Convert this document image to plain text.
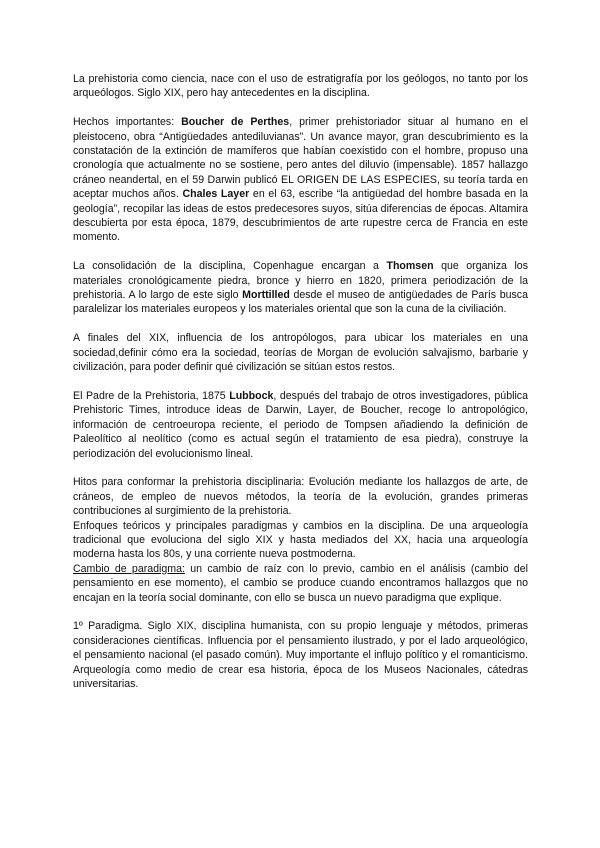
La prehistoria como ciencia, nace con el uso de estratigrafía por los geólogos, no tanto por los arqueólogos. Siglo XIX, pero hay antecedentes en la disciplina.

Hechos importantes: Boucher de Perthes, primer prehistoriador situar al humano en el pleistoceno, obra “Antigüedades antediluvianas”. Un avance mayor, gran descubrimiento es la constatación de la extinción de mamíferos que habían coexistido con el hombre, propuso una cronología que actualmente no se sostiene, pero antes del diluvio (impensable). 1857 hallazgo cráneo neandertal, en el 59 Darwin publicó EL ORIGEN DE LAS ESPECIES, su teoría tarda en aceptar muchos años. Chales Layer en el 63, escribe “la antigüedad del hombre basada en la geología”, recopilar las ideas de estos predecesores suyos, sitúa diferencias de épocas. Altamira descubierta por esta época, 1879, descubrimientos de arte rupestre cerca de Francia en este momento.

La consolidación de la disciplina, Copenhague encargan a Thomsen que organiza los materiales cronológicamente piedra, bronce y hierro en 1820, primera periodización de la prehistoria. A lo largo de este siglo Morttilled desde el museo de antigüedades de París busca paralelizar los materiales europeos y los materiales oriental que son la cuna de la civiliación.

A finales del XIX, influencia de los antropólogos, para ubicar los materiales en una sociedad,definir cómo era la sociedad, teorías de Morgan de evolución salvajismo, barbarie y civilización, para poder definir qué civilización se sitúan estos restos.

El Padre de la Prehistoria, 1875 Lubbock, después del trabajo de otros investigadores, pública Prehistoric Times, introduce ideas de Darwin, Layer, de Boucher, recoge lo antropológico, información de centroeuropa reciente, el periodo de Tompsen añadiendo la definición de Paleolítico al neolítico (como es actual según el tratamiento de esa piedra), construye la periodización del evolucionismo lineal.

Hitos para conformar la prehistoria disciplinaria: Evolución mediante los hallazgos de arte, de cráneos, de empleo de nuevos métodos, la teoría de la evolución, grandes primeras contribuciones al surgimiento de la prehistoria.

Enfoques teóricos y principales paradigmas y cambios en la disciplina. De una arqueología tradicional que evoluciona del siglo XIX y hasta mediados del XX, hacia una arqueología moderna hasta los 80s, y una corriente nueva postmoderna.

Cambio de paradigma: un cambio de raíz con lo previo, cambio en el análisis (cambio del pensamiento en ese momento), el cambio se produce cuando encontramos hallazgos que no encajan en la teoría social dominante, con ello se busca un nuevo paradigma que explique.

1º Paradigma. Siglo XIX, disciplina humanista, con su propio lenguaje y métodos, primeras consideraciones científicas. Influencia por el pensamiento ilustrado, y por el lado arqueológico, el pensamiento nacional (el pasado común). Muy importante el influjo político y el romanticismo. Arqueología como medio de crear esa historia, época de los Museos Nacionales, cátedras universitarias.
